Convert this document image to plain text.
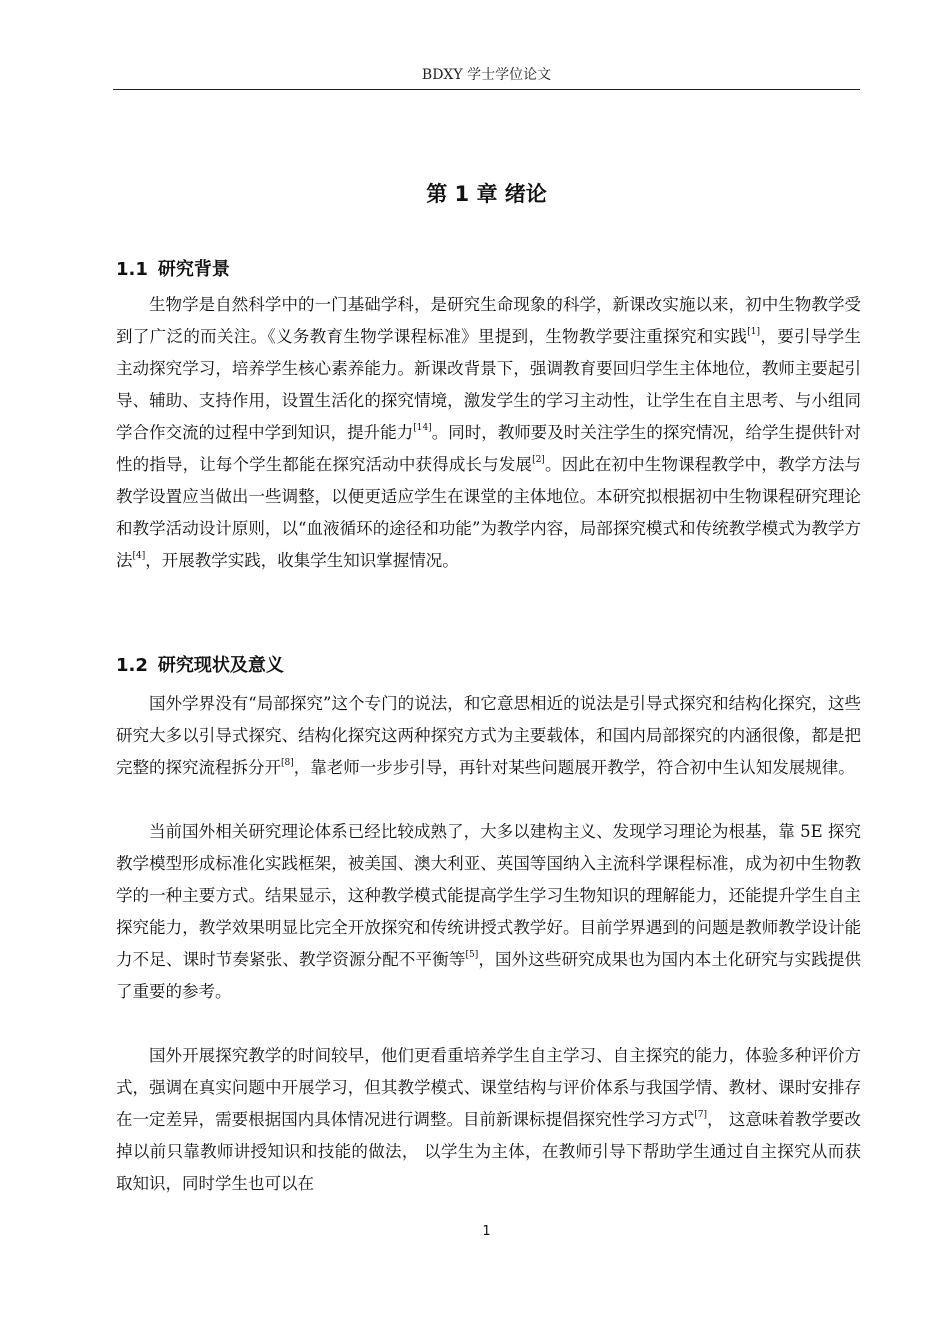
BDXY 学士学位论文
第 1 章 绪论
1.1 研究背景

生物学是自然科学中的一门基础学科，是研究生命现象的科学，新课改实施以来，初中生物教学受到了广泛的而关注。《义务教育生物学课程标准》里提到，生物教学要注重探究和实践[1]，要引导学生主动探究学习，培养学生核心素养能力。新课改背景下，强调教育要回归学生主体地位，教师主要起引导、辅助、支持作用，设置生活化的探究情境，激发学生的学习主动性，让学生在自主思考、与小组同学合作交流的过程中学到知识，提升能力[14]。同时，教师要及时关注学生的探究情况，给学生提供针对性的指导，让每个学生都能在探究活动中获得成长与发展[2]。因此在初中生物课程教学中，教学方法与教学设置应当做出一些调整，以便更适应学生在课堂的主体地位。本研究拟根据初中生物课程研究理论和教学活动设计原则，以“血液循环的途径和功能”为教学内容，局部探究模式和传统教学模式为教学方法[4]，开展教学实践，收集学生知识掌握情况。

1.2 研究现状及意义

国外学界没有“局部探究”这个专门的说法，和它意思相近的说法是引导式探究和结构化探究，这些研究大多以引导式探究、结构化探究这两种探究方式为主要载体，和国内局部探究的内涵很像，都是把完整的探究流程拆分开[8]，靠老师一步步引导，再针对某些问题展开教学，符合初中生认知发展规律。

当前国外相关研究理论体系已经比较成熟了，大多以建构主义、发现学习理论为根基，靠 5E 探究教学模型形成标准化实践框架，被美国、澳大利亚、英国等国纳入主流科学课程标准，成为初中生物教学的一种主要方式。结果显示，这种教学模式能提高学生学习生物知识的理解能力，还能提升学生自主探究能力，教学效果明显比完全开放探究和传统讲授式教学好。目前学界遇到的问题是教师教学设计能力不足、课时节奏紧张、教学资源分配不平衡等[5]，国外这些研究成果也为国内本土化研究与实践提供了重要的参考。

国外开展探究教学的时间较早，他们更看重培养学生自主学习、自主探究的能力，体验多种评价方式，强调在真实问题中开展学习，但其教学模式、课堂结构与评价体系与我国学情、教材、课时安排存在一定差异，需要根据国内具体情况进行调整。目前新课标提倡探究性学习方式[7]， 这意味着教学要改掉以前只靠教师讲授知识和技能的做法， 以学生为主体，在教师引导下帮助学生通过自主探究从而获取知识，同时学生也可以在

1
